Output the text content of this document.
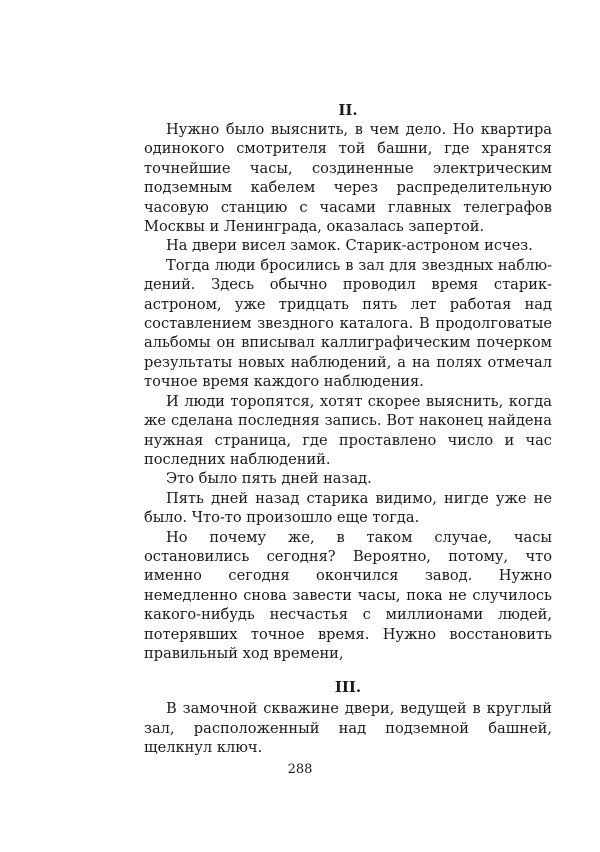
II.

Нужно было выяснить, в чем дело. Но квартира одинокого смотрителя той башни, где хранятся точнейшие часы, создиненные электрическим подземным кабелем через распределительную часовую станцию с часами главных телеграфов Москвы и Ленинграда, оказалась запертой.

На двери висел замок. Старик-астроном исчез.

Тогда люди бросились в зал для звездных наблюдений. Здесь обычно проводил время старик-астроном, уже тридцать пять лет работая над составлением звездного каталога. В продолговатые альбомы он вписывал каллиграфическим почерком результаты новых наблюдений, а на полях отмечал точное время каждого наблюдения.

И люди торопятся, хотят скорее выяснить, когда же сделана последняя запись. Вот наконец найдена нужная страница, где проставлено число и час последних наблюдений.

Это было пять дней назад.

Пять дней назад старика видимо, нигде уже не было. Что-то произошло еще тогда.

Но почему же, в таком случае, часы остановились сегодня? Вероятно, потому, что именно сегодня окончился завод. Нужно немедленно снова завести часы, пока не случилось какого-нибудь несчастья с миллионами людей, потерявших точное время. Нужно восстановить правильный ход времени,

III.

В замочной скважине двери, ведущей в круглый зал, расположенный над подземной башней, щелкнул ключ.

288
